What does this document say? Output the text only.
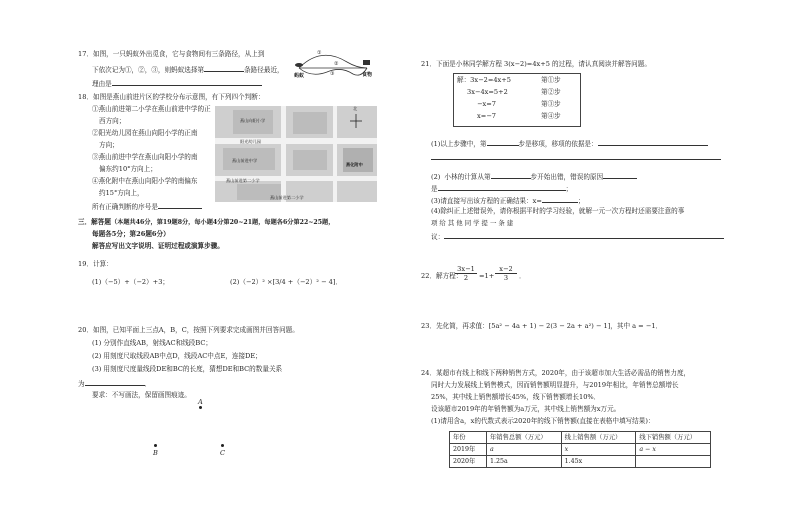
17．如图，一只蚂蚁外出觅食，它与食物间有三条路径，从上到
下依次记为①，②，③，则蚂蚁选择第	条路径最近，
理由是
①
②
③
蚂蚁	食物
18．如图是燕山前进片区的学校分布示意图，有下列四个判断：
①燕山前进第二小学在燕山前进中学的正
西方向；
②阳光幼儿园在燕山向阳小学的正南
方向；
③燕山前进中学在燕山向阳小学的南
偏东约10°方向上；
④燕化附中在燕山向阳小学的南偏东
约15°方向上，
所有正确判断的序号是
燕山向阳小学
阳光幼儿园
燕山前进中学
燕山前进第二小学
燕化附中
燕山前进第二小学
北
三．解答题（本题共46分，第19题8分，每小题4分第20~21题，每题各6分第22~25题，
每题各5分；第26题6分）
解答应写出文字说明、证明过程或演算步骤。
19．计算：
(1)（−5）+（−2）+3；	(2)（−2）² ×[3/4 +（−2）² − 4]．
20．如图，已知平面上三点A，B，C，按照下列要求完成画图并回答问题。
(1) 分别作直线AB，射线AC和线段BC；
(2) 用刻度尺取线段AB中点D，线段AC中点E，连接DE；
(3) 用刻度尺度量线段DE和BC的长度，猜想DE和BC的数量关系
为	．
要求：不写画法，保留画图痕迹。
A
B	C
21．下面是小林同学解方程 3(x−2)=4x+5 的过程，请认真阅读并解答问题。
解：3x−2=4x+5	第①步
3x−4x=5+2	第②步
−x=7	第③步
x=−7	第④步
(1)以上步骤中，第	步是移项，移项的依据是：
(2) 小林的计算从第	步开始出错，错误的原因
是	；
(3)请直接写出该方程的正确结果：x=	；
(4)除纠正上述错误外，请你根据平时的学习经验，就解一元一次方程时还需要注意的事
项 给 其 他 同 学 提 一 条 建
议：
22．解方程：
3x−1
2	=1+
x−2
3	．
23．先化简，再求值：[5a² − 4a + 1) − 2(3 − 2a + a²) − 1]，其中 a = −1．
24．某超市有线上和线下两种销售方式，2020年，由于该超市加大生活必需品的销售力度，
同时大力发展线上销售模式，因而销售额明显提升，与2019年相比，年销售总额增长
25%，其中线上销售额增长45%，线下销售额增长10%．
设该超市2019年的年销售额为a万元，其中线上销售额为x万元。
(1)请用含a，x的代数式表示2020年的线下销售额(直接在表格中填写结果)：
年份	年销售总额（万元）	线上销售额（万元）	线下销售额（万元）
2019年	a	x	a − x
2020年	1.25a	1.45x	
